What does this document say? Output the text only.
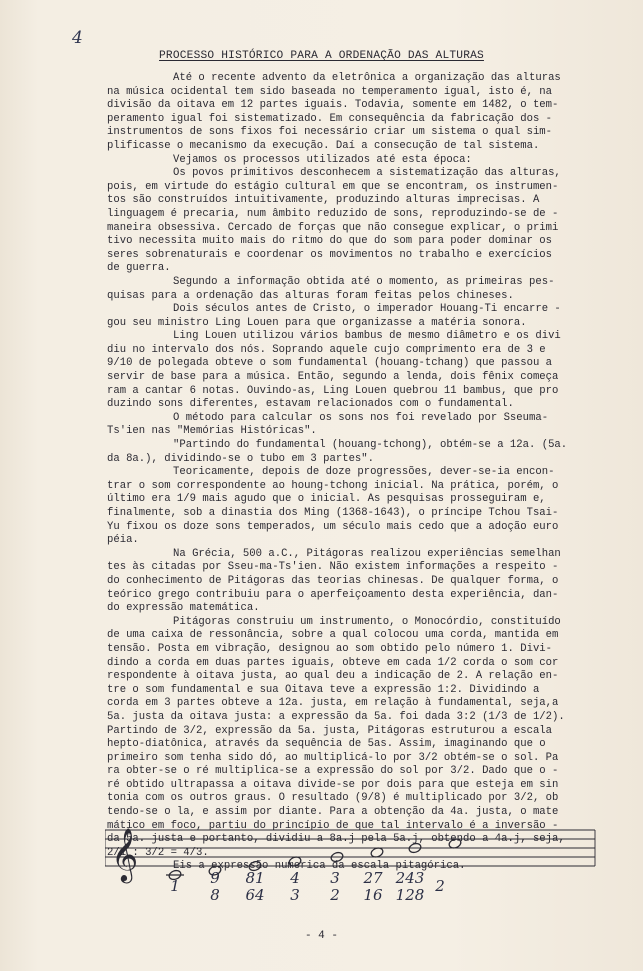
4
PROCESSO HISTÓRICO PARA A ORDENAÇÃO DAS ALTURAS
Até o recente advento da eletrônica a organização das alturas
na música ocidental tem sido baseada no temperamento igual, isto é, na
divisão da oitava em 12 partes iguais. Todavia, somente em 1482, o tem-
peramento igual foi sistematizado. Em consequência da fabricação dos -
instrumentos de sons fixos foi necessário criar um sistema o qual sim-
plificasse o mecanismo da execução. Daí a consecução de tal sistema.
Vejamos os processos utilizados até esta época:
Os povos primitivos desconhecem a sistematização das alturas,
pois, em virtude do estágio cultural em que se encontram, os instrumen-
tos são construídos intuitivamente, produzindo alturas imprecisas. A
linguagem é precaria, num âmbito reduzido de sons, reproduzindo-se de -
maneira obsessiva. Cercado de forças que não consegue explicar, o primi
tivo necessita muito mais do ritmo do que do som para poder dominar os
seres sobrenaturais e coordenar os movimentos no trabalho e exercícios
de guerra.
Segundo a informação obtida até o momento, as primeiras pes-
quisas para a ordenação das alturas foram feitas pelos chineses.
Dois séculos antes de Cristo, o imperador Houang-Ti encarre -
gou seu ministro Ling Louen para que organizasse a matéria sonora.
Ling Louen utilizou vários bambus de mesmo diâmetro e os divi
diu no intervalo dos nós. Soprando aquele cujo comprimento era de 3 e
9/10 de polegada obteve o som fundamental (houang-tchang) que passou a
servir de base para a música. Então, segundo a lenda, dois fênix começa
ram a cantar 6 notas. Ouvindo-as, Ling Louen quebrou 11 bambus, que pro
duzindo sons diferentes, estavam relacionados com o fundamental.
O método para calcular os sons nos foi revelado por Sseuma-
Ts'ien nas "Memórias Históricas".
"Partindo do fundamental (houang-tchong), obtém-se a 12a. (5a.
da 8a.), dividindo-se o tubo em 3 partes".
Teoricamente, depois de doze progressões, dever-se-ia encon-
trar o som correspondente ao houng-tchong inicial. Na prática, porém, o
último era 1/9 mais agudo que o inicial. As pesquisas prosseguiram e,
finalmente, sob a dinastia dos Ming (1368-1643), o príncipe Tchou Tsai-
Yu fixou os doze sons temperados, um século mais cedo que a adoção euro
péia.
Na Grécia, 500 a.C., Pitágoras realizou experiências semelhan
tes às citadas por Sseu-ma-Ts'ien. Não existem informações a respeito -
do conhecimento de Pitágoras das teorias chinesas. De qualquer forma, o
teórico grego contribuiu para o aperfeiçoamento desta experiência, dan-
do expressão matemática.
Pitágoras construiu um instrumento, o Monocórdio, constituído
de uma caixa de ressonância, sobre a qual colocou uma corda, mantida em
tensão. Posta em vibração, designou ao som obtido pelo número 1. Divi-
dindo a corda em duas partes iguais, obteve em cada 1/2 corda o som cor
respondente à oitava justa, ao qual deu a indicação de 2. A relação en-
tre o som fundamental e sua Oitava teve a expressão 1:2. Dividindo a
corda em 3 partes obteve a 12a. justa, em relação à fundamental, seja,a
5a. justa da oitava justa: a expressão da 5a. foi dada 3:2 (1/3 de 1/2).
Partindo de 3/2, expressão da 5a. justa, Pitágoras estruturou a escala
hepto-diatônica, através da sequência de 5as. Assim, imaginando que o
primeiro som tenha sido dó, ao multiplicá-lo por 3/2 obtém-se o sol. Pa
ra obter-se o ré multiplica-se a expressão do sol por 3/2. Dado que o -
ré obtido ultrapassa a oitava divide-se por dois para que esteja em sin
tonia com os outros graus. O resultado (9/8) é multiplicado por 3/2, ob
tendo-se o la, e assim por diante. Para a obtenção da 4a. justa, o mate
mático em foco, partiu do princípio de que tal intervalo é a inversão -
da 5a. justa e portanto, dividiu a 8a.j pela 5a.j, obtendo a 4a.j, seja,
2/1 : 3/2 = 4/3.
Eis a expressão numerica da escala pitagórica.
𝄞
1	9
8
81
64
4
3
3
2
27
16
243
128 2
- 4 -
